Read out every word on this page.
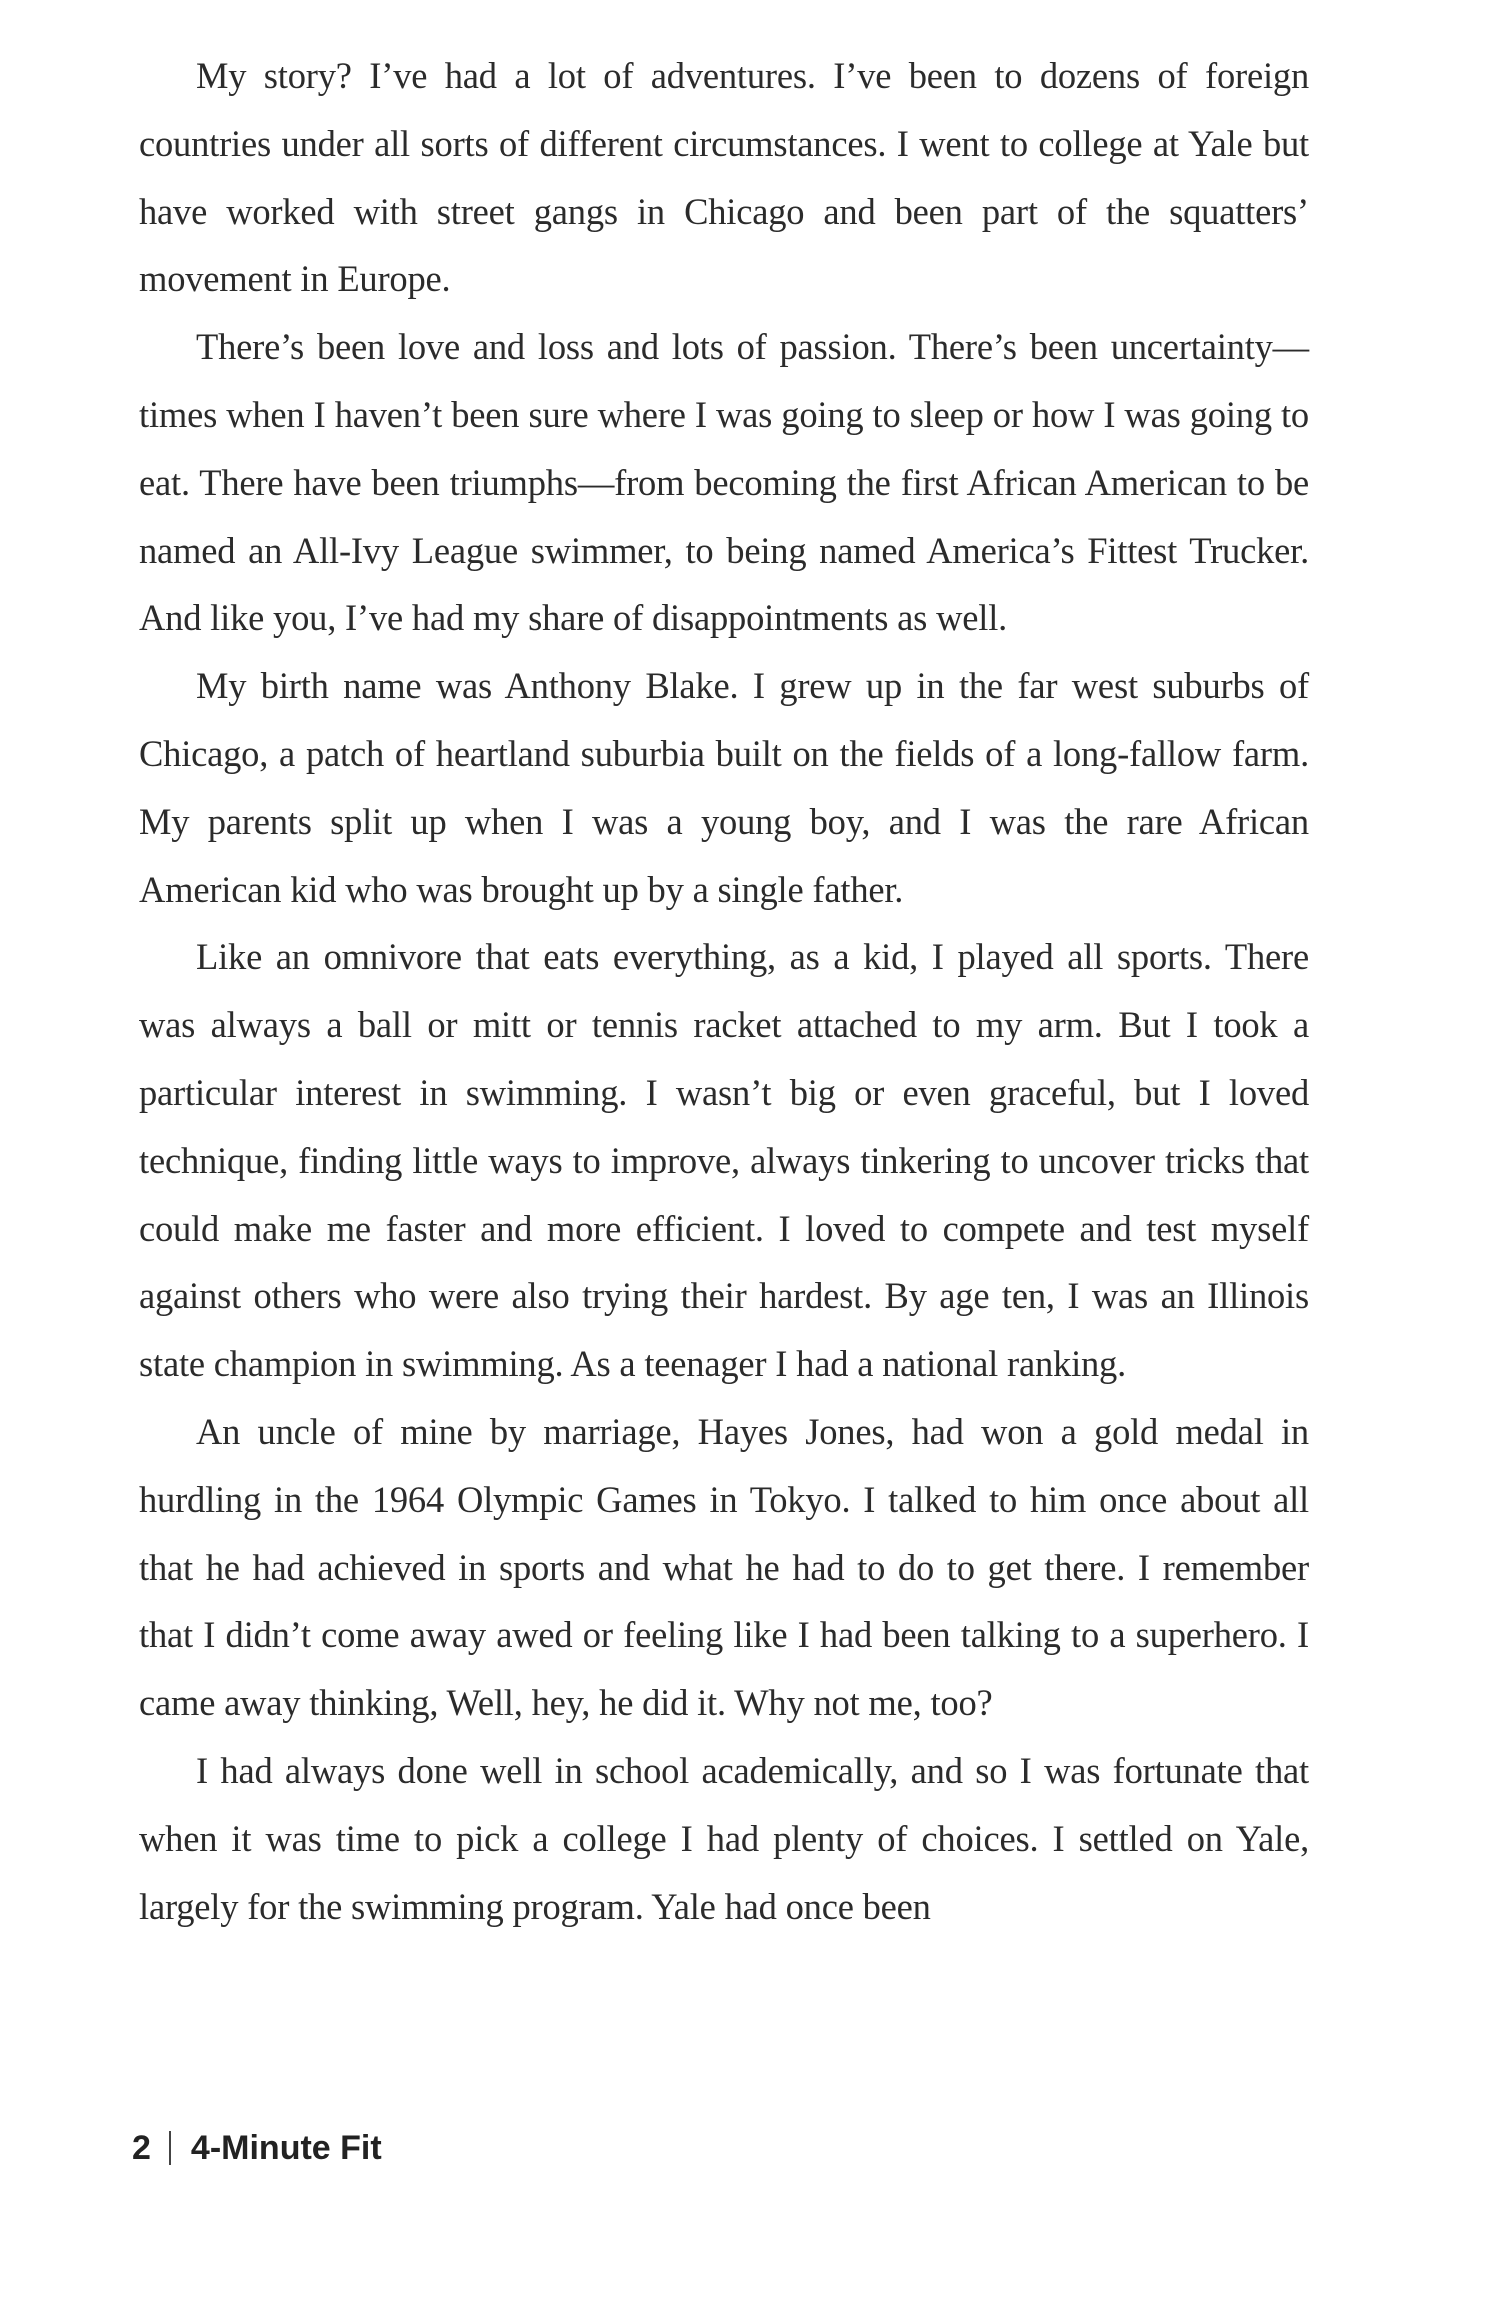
My story? I’ve had a lot of adventures. I’ve been to dozens of foreign countries under all sorts of different circumstances. I went to college at Yale but have worked with street gangs in Chicago and been part of the squatters’ movement in Europe.

There’s been love and loss and lots of passion. There’s been uncertainty—times when I haven’t been sure where I was going to sleep or how I was going to eat. There have been triumphs—from becoming the first African American to be named an All-Ivy League swimmer, to being named America’s Fittest Trucker. And like you, I’ve had my share of disappointments as well.

My birth name was Anthony Blake. I grew up in the far west suburbs of Chicago, a patch of heartland suburbia built on the fields of a long-fallow farm. My parents split up when I was a young boy, and I was the rare African American kid who was brought up by a single father.

Like an omnivore that eats everything, as a kid, I played all sports. There was always a ball or mitt or tennis racket attached to my arm. But I took a particular interest in swimming. I wasn’t big or even graceful, but I loved technique, finding little ways to improve, always tinkering to uncover tricks that could make me faster and more efficient. I loved to compete and test myself against others who were also trying their hardest. By age ten, I was an Illinois state champion in swimming. As a teenager I had a national ranking.

An uncle of mine by marriage, Hayes Jones, had won a gold medal in hurdling in the 1964 Olympic Games in Tokyo. I talked to him once about all that he had achieved in sports and what he had to do to get there. I remember that I didn’t come away awed or feeling like I had been talking to a superhero. I came away thinking, Well, hey, he did it. Why not me, too?

I had always done well in school academically, and so I was fortunate that when it was time to pick a college I had plenty of choices. I settled on Yale, largely for the swimming program. Yale had once been

2 4-Minute Fit
